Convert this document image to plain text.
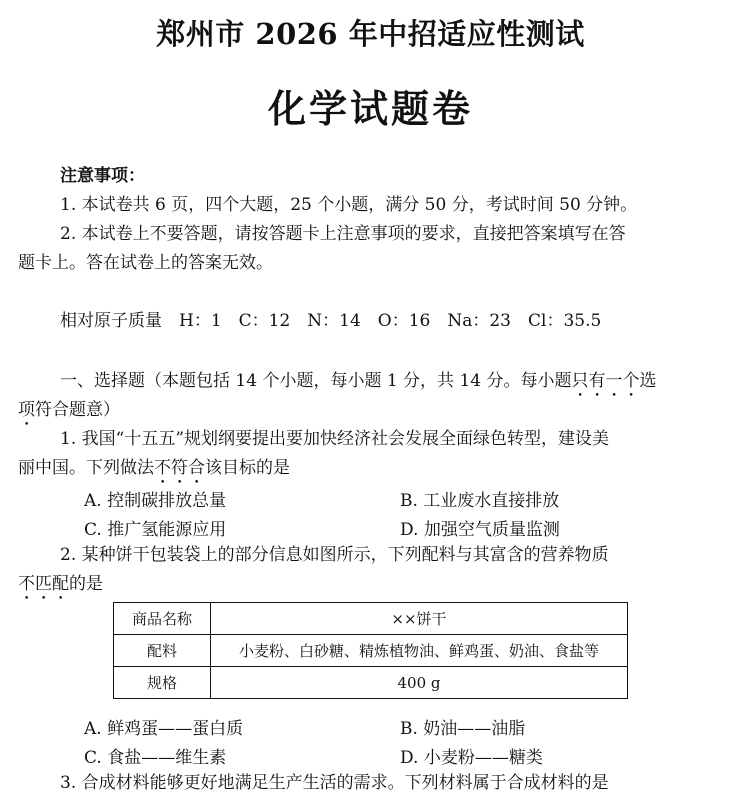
郑州市 2026 年中招适应性测试
化学试题卷
注意事项：
1. 本试卷共 6 页，四个大题，25 个小题，满分 50 分，考试时间 50 分钟。
2. 本试卷上不要答题，请按答题卡上注意事项的要求，直接把答案填写在答
题卡上。答在试卷上的答案无效。
相对原子质量　H：1　C：12　N：14　O：16　Na：23　Cl：35.5
一、选择题（本题包括 14 个小题，每小题 1 分，共 14 分。每小题只有一个选
项符合题意）
1. 我国“十五五”规划纲要提出要加快经济社会发展全面绿色转型，建设美
丽中国。下列做法不符合该目标的是
A. 控制碳排放总量	B. 工业废水直接排放
C. 推广氢能源应用	D. 加强空气质量监测
2. 某种饼干包装袋上的部分信息如图所示，下列配料与其富含的营养物质
不匹配的是
商品名称	××饼干
配料	小麦粉、白砂糖、精炼植物油、鲜鸡蛋、奶油、食盐等
规格	400 g
A. 鲜鸡蛋——蛋白质	B. 奶油——油脂
C. 食盐——维生素	D. 小麦粉——糖类
3. 合成材料能够更好地满足生产生活的需求。下列材料属于合成材料的是
